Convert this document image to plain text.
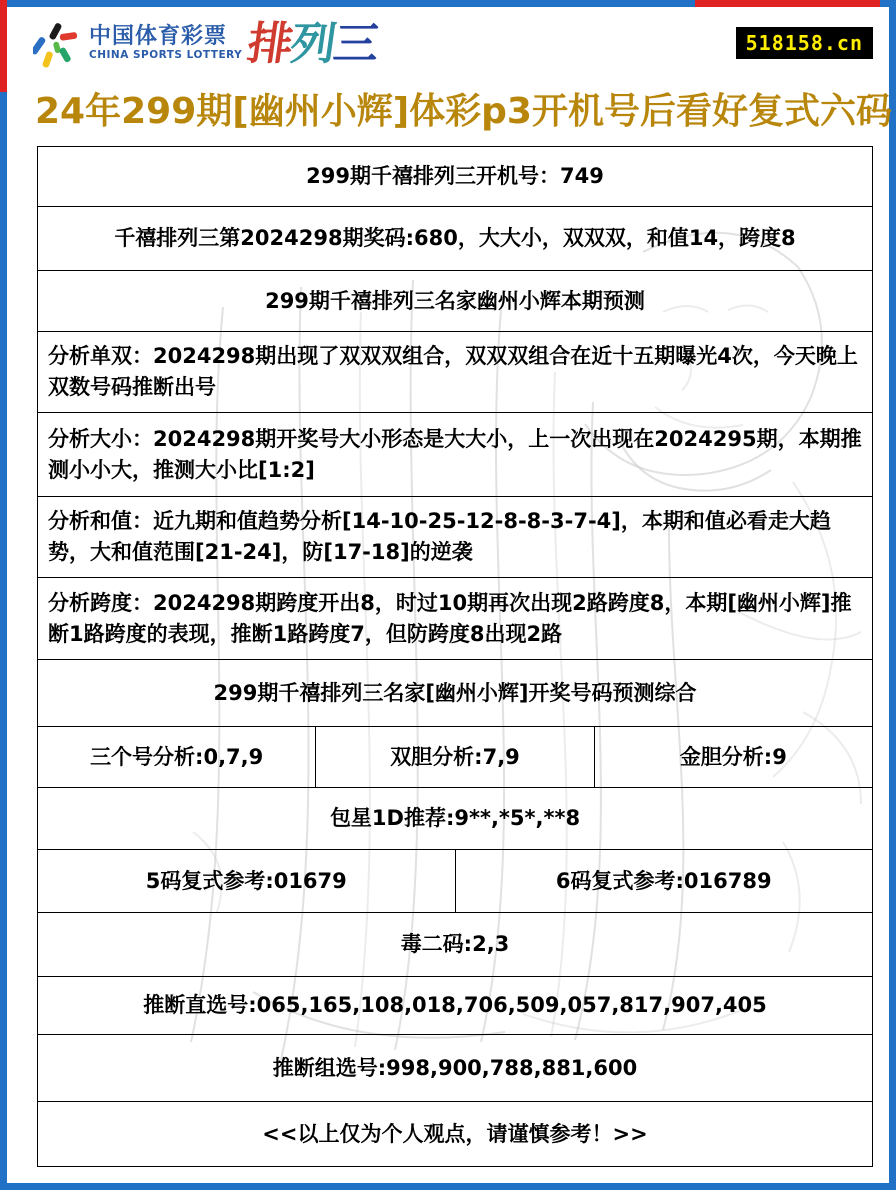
中国体育彩票
CHINA SPORTS LOTTERY 排列三	518158.cn
24年299期[幽州小辉]体彩p3开机号后看好复式六码
299期千禧排列三开机号：749
千禧排列三第2024298期奖码:680，大大小，双双双，和值14，跨度8
299期千禧排列三名家幽州小辉本期预测
分析单双：2024298期出现了双双双组合，双双双组合在近十五期曝光4次，今天晚上双数号码推断出号
分析大小：2024298期开奖号大小形态是大大小，上一次出现在2024295期，本期推测小小大，推测大小比[1:2]
分析和值：近九期和值趋势分析[14-10-25-12-8-8-3-7-4]，本期和值必看走大趋势，大和值范围[21-24]，防[17-18]的逆袭
分析跨度：2024298期跨度开出8，时过10期再次出现2路跨度8，本期[幽州小辉]推断1路跨度的表现，推断1路跨度7，但防跨度8出现2路
299期千禧排列三名家[幽州小辉]开奖号码预测综合
三个号分析:0,7,9	双胆分析:7,9	金胆分析:9
包星1D推荐:9**,*5*,**8
5码复式参考:01679	6码复式参考:016789
毒二码:2,3
推断直选号:065,165,108,018,706,509,057,817,907,405
推断组选号:998,900,788,881,600
<<以上仅为个人观点，请谨慎参考！>>
